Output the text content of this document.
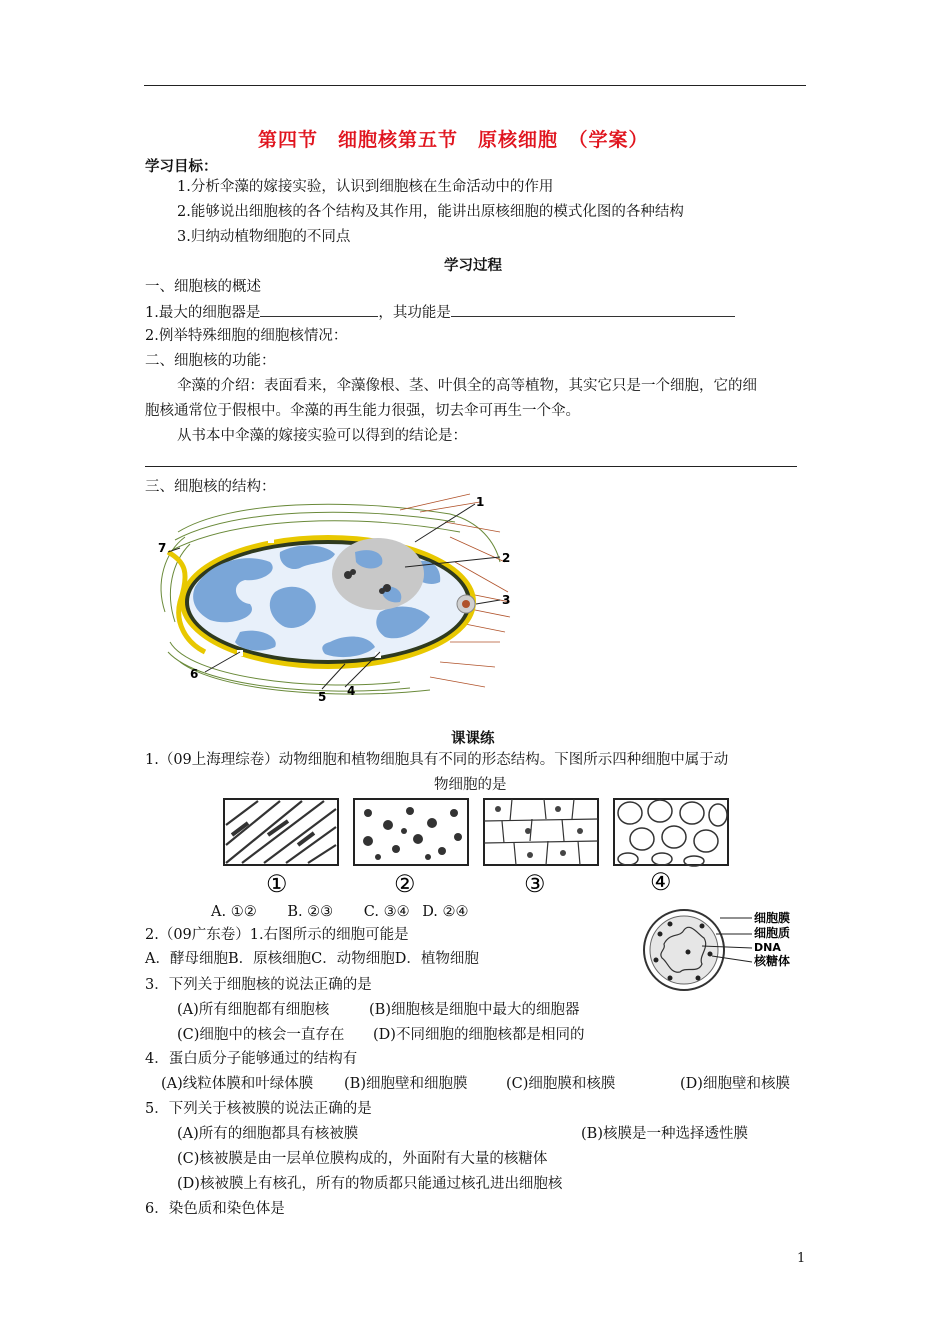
第四节　细胞核第五节　原核细胞　（学案）
学习目标：
1.分析伞藻的嫁接实验，认识到细胞核在生命活动中的作用
2.能够说出细胞核的各个结构及其作用，能讲出原核细胞的模式化图的各种结构
3.归纳动植物细胞的不同点
学习过程
一、细胞核的概述
1.最大的细胞器是	，其功能是
2.例举特殊细胞的细胞核情况：
二、细胞核的功能：
伞藻的介绍：表面看来，伞藻像根、茎、叶俱全的高等植物，其实它只是一个细胞，它的细
胞核通常位于假根中。伞藻的再生能力很强，切去伞可再生一个伞。
从书本中伞藻的嫁接实验可以得到的结论是：
三、细胞核的结构：
1
2
3
4
5
6
7
课课练
1.（09上海理综卷）动物细胞和植物细胞具有不同的形态结构。下图所示四种细胞中属于动
物细胞的是
①	②	③	④
A. ①② B. ②③ C. ③④ D. ②④	细胞膜
细胞质
DNA
核糖体
2.（09广东卷）1.右图所示的细胞可能是
A．酵母细胞B．原核细胞C．动物细胞D．植物细胞
3．下列关于细胞核的说法正确的是
(A)所有细胞都有细胞核	(B)细胞核是细胞中最大的细胞器
(C)细胞中的核会一直存在 (D)不同细胞的细胞核都是相同的
4．蛋白质分子能够通过的结构有
(A)线粒体膜和叶绿体膜 (B)细胞壁和细胞膜	(C)细胞膜和核膜	(D)细胞壁和核膜
5．下列关于核被膜的说法正确的是
(A)所有的细胞都具有核被膜	(B)核膜是一种选择透性膜
(C)核被膜是由一层单位膜构成的，外面附有大量的核糖体
(D)核被膜上有核孔，所有的物质都只能通过核孔进出细胞核
6．染色质和染色体是
1
